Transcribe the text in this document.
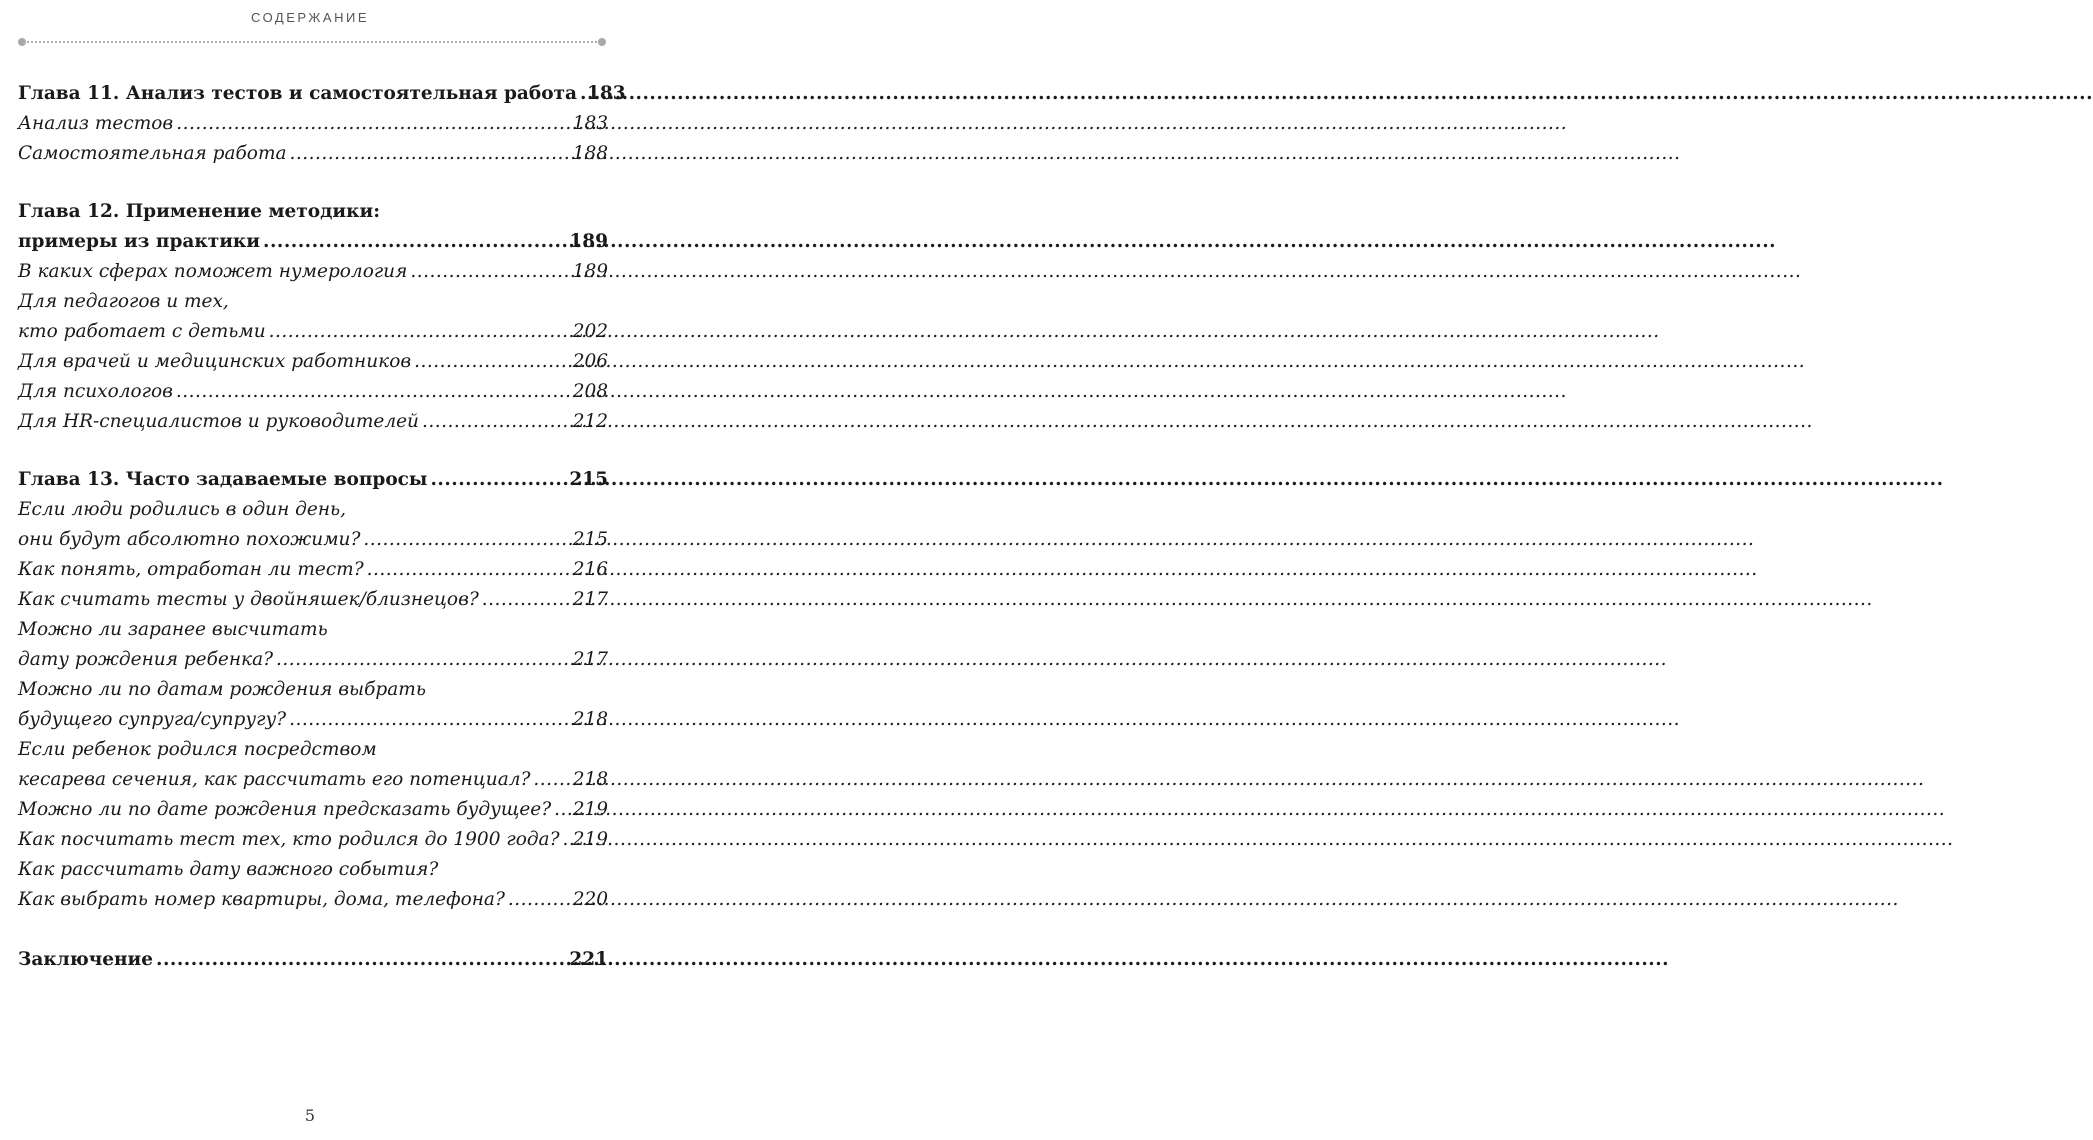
СОДЕРЖАНИЕ
Глава 11. Анализ тестов и самостоятельная работа ..... 183
Анализ тестов .....	183
Самостоятельная работа .....	188
Глава 12. Применение методики:
примеры из практики .....	189
В каких сферах поможет нумерология .....	189
Для педагогов и тех,
кто работает с детьми .....	202
Для врачей и медицинских работников .....	206
Для психологов .....	208
Для HR-специалистов и руководителей .....	212
Глава 13. Часто задаваемые вопросы .....	215
Если люди родились в один день,
они будут абсолютно похожими? .....	215
Как понять, отработан ли тест? .....	216
Как считать тесты у двойняшек/близнецов? .....	217
Можно ли заранее высчитать
дату рождения ребенка? .....	217
Можно ли по датам рождения выбрать
будущего супруга/супругу? .....	218
Если ребенок родился посредством
кесарева сечения, как рассчитать его потенциал? ..... 218
Можно ли по дате рождения предсказать будущее? ..... 219
Как посчитать тест тех, кто родился до 1900 года? ..... 219
Как рассчитать дату важного события?
Как выбрать номер квартиры, дома, телефона? .....	220
Заключение .....	221
5
